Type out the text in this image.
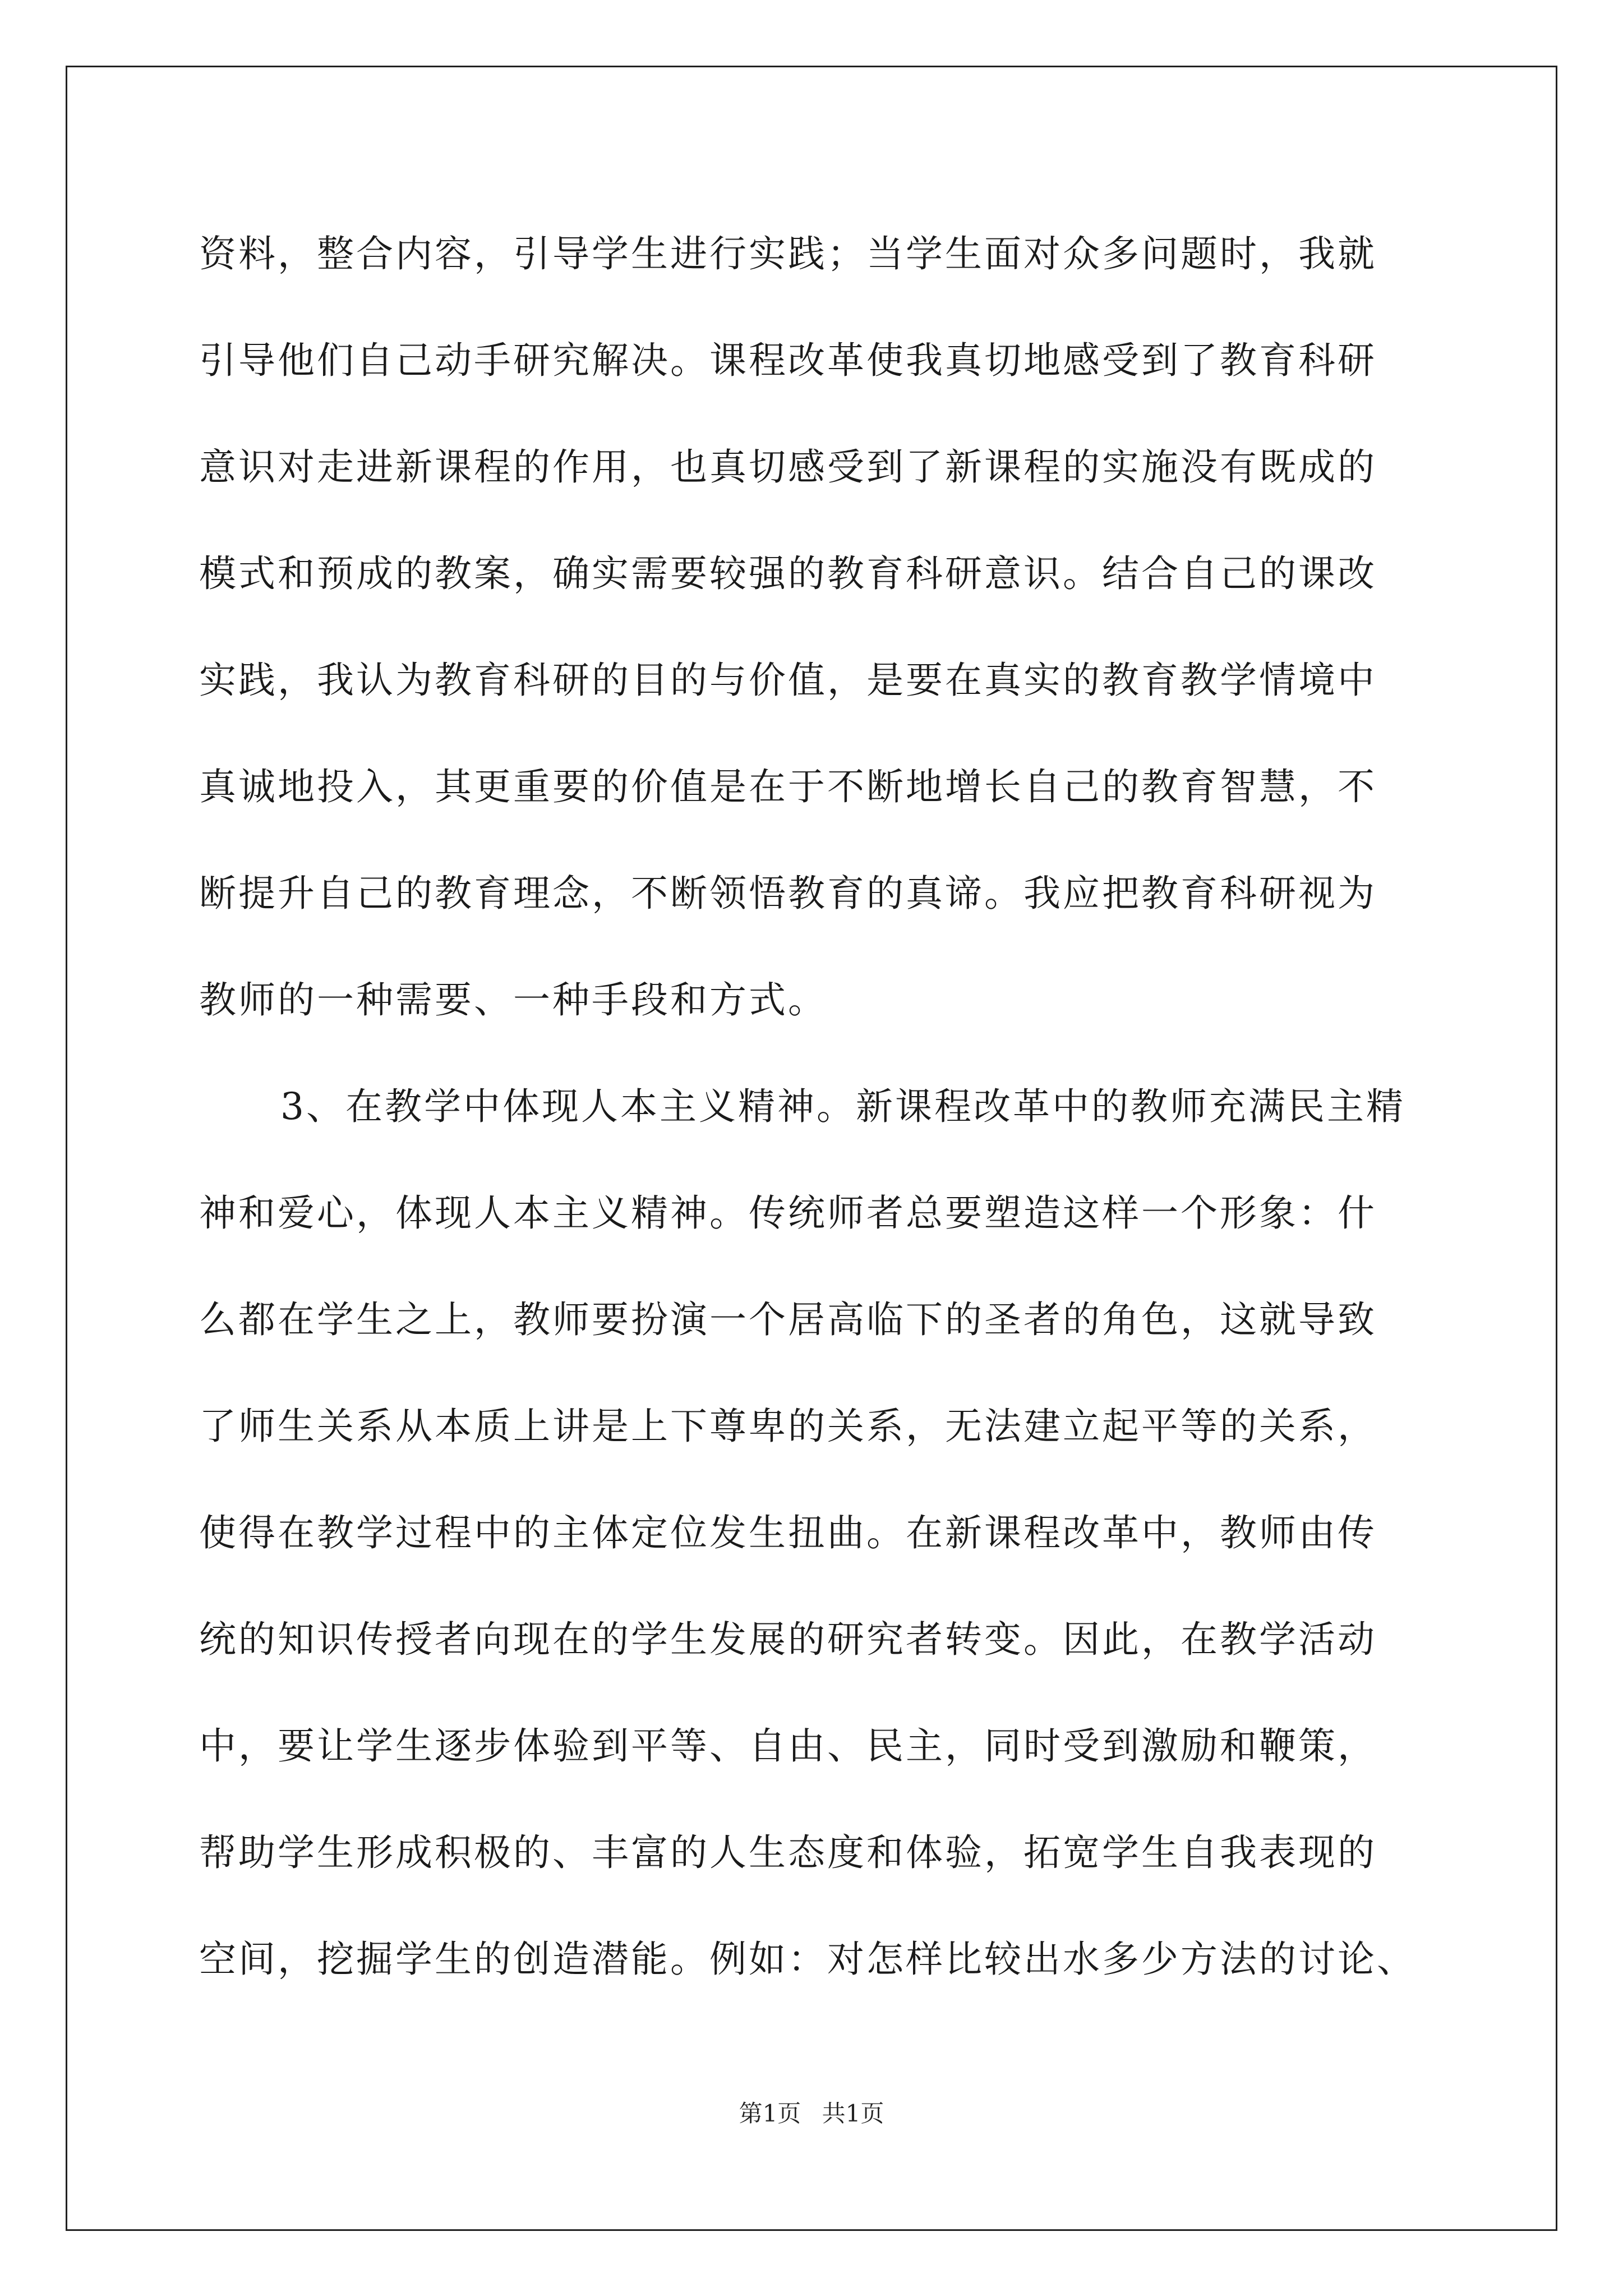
资料，整合内容，引导学生进行实践；当学生面对众多问题时，我就
引导他们自己动手研究解决。课程改革使我真切地感受到了教育科研
意识对走进新课程的作用，也真切感受到了新课程的实施没有既成的
模式和预成的教案，确实需要较强的教育科研意识。结合自己的课改
实践，我认为教育科研的目的与价值，是要在真实的教育教学情境中
真诚地投入，其更重要的价值是在于不断地增长自己的教育智慧，不
断提升自己的教育理念，不断领悟教育的真谛。我应把教育科研视为
教师的一种需要、一种手段和方式。
3、在教学中体现人本主义精神。新课程改革中的教师充满民主精
神和爱心，体现人本主义精神。传统师者总要塑造这样一个形象：什
么都在学生之上，教师要扮演一个居高临下的圣者的角色，这就导致
了师生关系从本质上讲是上下尊卑的关系，无法建立起平等的关系，
使得在教学过程中的主体定位发生扭曲。在新课程改革中，教师由传
统的知识传授者向现在的学生发展的研究者转变。因此，在教学活动
中，要让学生逐步体验到平等、自由、民主，同时受到激励和鞭策，
帮助学生形成积极的、丰富的人生态度和体验，拓宽学生自我表现的
空间，挖掘学生的创造潜能。例如：对怎样比较出水多少方法的讨论、
第1页 共1页
